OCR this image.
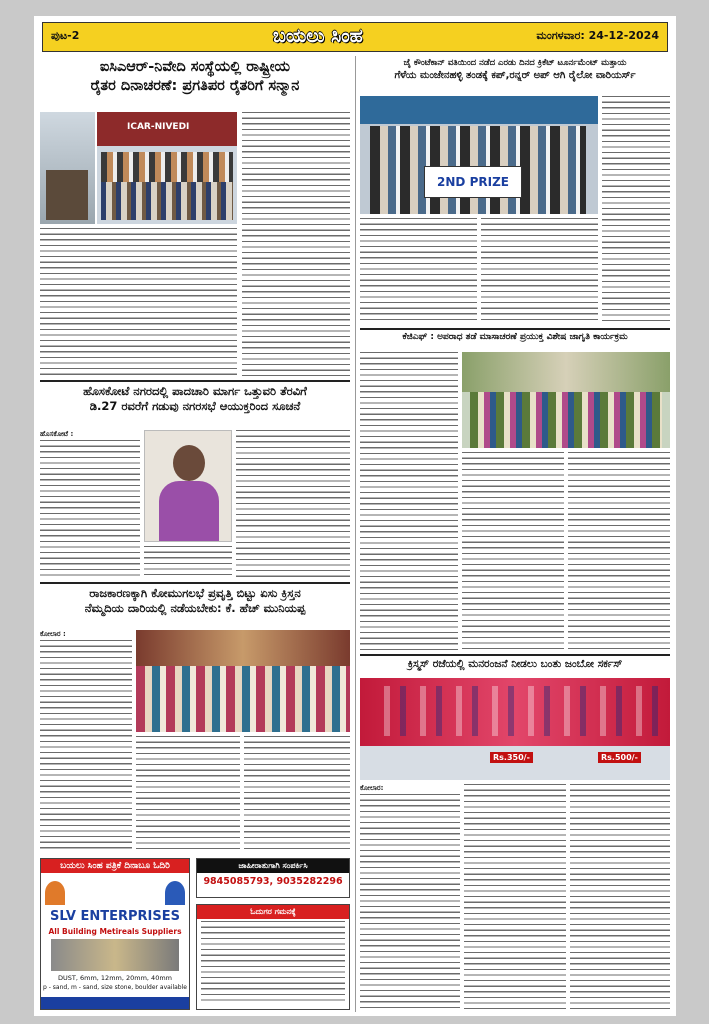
ಪುಟ-2	ಬಯಲು ಸಿಂಹ	ಮಂಗಳವಾರ: 24-12-2024

ಐಸಿಎಆರ್-ನಿವೇದಿ ಸಂಸ್ಥೆಯಲ್ಲಿ ರಾಷ್ಟ್ರೀಯ

ರೈತರ ದಿನಾಚರಣೆ: ಪ್ರಗತಿಪರ ರೈತರಿಗೆ ಸನ್ಮಾನ

ICAR-NIVEDI

ಹೊಸಕೋಟೆ ನಗರದಲ್ಲಿ ಪಾದಚಾರಿ ಮಾರ್ಗ ಒತ್ತುವರಿ ತೆರವಿಗೆ

ಡಿ.27 ರವರೆಗೆ ಗಡುವು ನಗರಸಭೆ ಆಯುಕ್ತರಿಂದ ಸೂಚನೆ

ಹೊಸಕೋಟೆ :

ರಾಜಕಾರಣಕ್ಕಾಗಿ ಕೋಮುಗಲಭೆ ಪ್ರವೃತ್ತಿ ಬಿಟ್ಟು ಏಸು ಕ್ರಿಸ್ತನ

ನೆಮ್ಮದಿಯ ದಾರಿಯಲ್ಲಿ ನಡೆಯಬೇಕು: ಕೆ. ಹೆಚ್ ಮುನಿಯಪ್ಪ

ಕೋಲಾರ :
ಬಯಲು ಸಿಂಹ ಪತ್ರಿಕೆ ದಿನಾಬೂ ಓದಿರಿ
SLV ENTERPRISES
All Building Metireals Suppliers
DUST, 6mm, 12mm, 20mm, 40mm
p - sand, m - sand, size stone, boulder available
ಜಾಹೀರಾತುಗಾಗಿ ಸಂಪರ್ಕಿಸಿ
9845085793, 9035282296
ಓದುಗರ ಗಮನಕ್ಕೆ

ಜೈ ಕೌಂಟೆಕಾನ್ ವತಿಯಿಂದ ನಡೆದ ಎರಡು ದಿನದ ಕ್ರಿಕೆಟ್ ಟೂರ್ನಮೆಂಟ್ ಮತ್ತಾಯ

ಗೆಳೆಯ ಮಂಜೇನಹಳ್ಳಿ ತಂಡಕ್ಕೆ ಕಪ್,ರನ್ನರ್ ಅಪ್ ಆಗಿ ರೈಲೋ ವಾರಿಯರ್ಸ್

2ND PRIZE

ಕೆಜಿಎಫ್ : ಅಪರಾಧ ತಡೆ ಮಾಸಾಚರಣೆ ಪ್ರಯುಕ್ತ ವಿಶೇಷ ಜಾಗೃತಿ ಕಾರ್ಯಕ್ರಮ

ಕ್ರಿಸ್ಮಸ್ ರಜೆಯಲ್ಲಿ ಮನರಂಜನೆ ನೀಡಲು ಬಂತು ಜಂಬೋ ಸರ್ಕಸ್

Rs.350/-	Rs.500/-
ಕೋಲಾರ:
